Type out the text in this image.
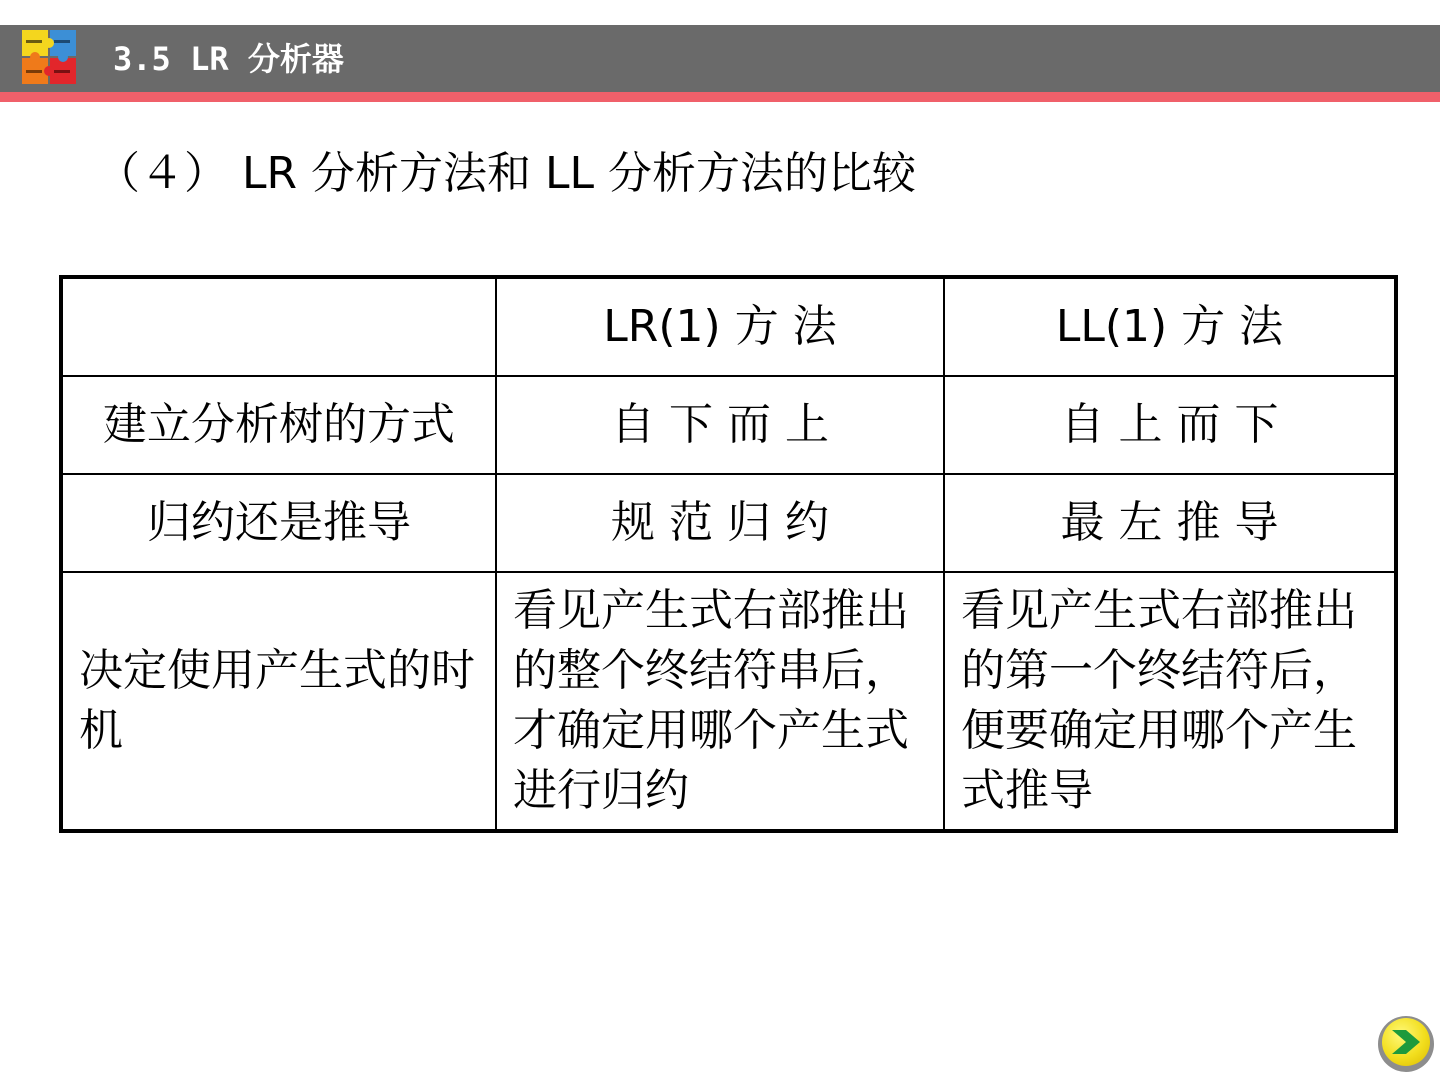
3.5 LR 分析器
（４） LR 分析方法和 LL 分析方法的比较
	LR(1) 方 法	LL(1) 方 法
建立分析树的方式	自 下 而 上	自 上 而 下
归约还是推导	规 范 归 约	最 左 推 导
决定使用产生式的时机	看见产生式右部推出的整个终结符串后，才确定用哪个产生式进行归约	看见产生式右部推出的第一个终结符后，便要确定用哪个产生式推导
